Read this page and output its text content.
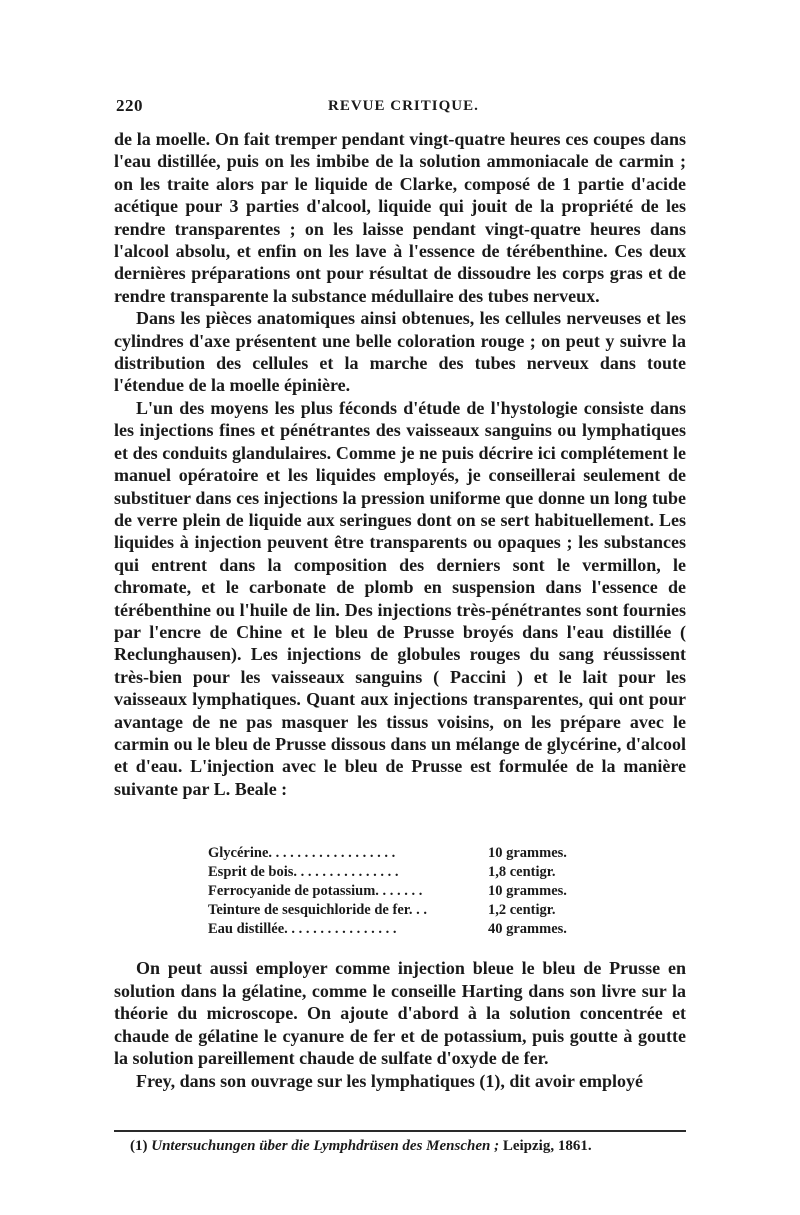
220	REVUE CRITIQUE.

de la moelle. On fait tremper pendant vingt-quatre heures ces coupes dans l'eau distillée, puis on les imbibe de la solution ammoniacale de carmin ; on les traite alors par le liquide de Clarke, composé de 1 partie d'acide acétique pour 3 parties d'alcool, liquide qui jouit de la propriété de les rendre transparentes ; on les laisse pendant vingt-quatre heures dans l'alcool absolu, et enfin on les lave à l'essence de térébenthine. Ces deux dernières préparations ont pour résultat de dissoudre les corps gras et de rendre transparente la substance médullaire des tubes nerveux.

Dans les pièces anatomiques ainsi obtenues, les cellules nerveuses et les cylindres d'axe présentent une belle coloration rouge ; on peut y suivre la distribution des cellules et la marche des tubes nerveux dans toute l'étendue de la moelle épinière.

L'un des moyens les plus féconds d'étude de l'hystologie consiste dans les injections fines et pénétrantes des vaisseaux sanguins ou lymphatiques et des conduits glandulaires. Comme je ne puis décrire ici complétement le manuel opératoire et les liquides employés, je conseillerai seulement de substituer dans ces injections la pression uniforme que donne un long tube de verre plein de liquide aux seringues dont on se sert habituellement. Les liquides à injection peuvent être transparents ou opaques ; les substances qui entrent dans la composition des derniers sont le vermillon, le chromate, et le carbonate de plomb en suspension dans l'essence de térébenthine ou l'huile de lin. Des injections très-pénétrantes sont fournies par l'encre de Chine et le bleu de Prusse broyés dans l'eau distillée ( Reclunghausen). Les injections de globules rouges du sang réussissent très-bien pour les vaisseaux sanguins ( Paccini ) et le lait pour les vaisseaux lymphatiques. Quant aux injections transparentes, qui ont pour avantage de ne pas masquer les tissus voisins, on les prépare avec le carmin ou le bleu de Prusse dissous dans un mélange de glycérine, d'alcool et d'eau. L'injection avec le bleu de Prusse est formulée de la manière suivante par L. Beale :

Glycérine. . . . . . . . . . . . . . . . . .	10 grammes.
Esprit de bois. . . . . . . . . . . . . . .	1,8 centigr.
Ferrocyanide de potassium. . . . . . .	10 grammes.
Teinture de sesquichloride de fer. . .	1,2 centigr.
Eau distillée. . . . . . . . . . . . . . . .	40 grammes.

On peut aussi employer comme injection bleue le bleu de Prusse en solution dans la gélatine, comme le conseille Harting dans son livre sur la théorie du microscope. On ajoute d'abord à la solution concentrée et chaude de gélatine le cyanure de fer et de potassium, puis goutte à goutte la solution pareillement chaude de sulfate d'oxyde de fer.

Frey, dans son ouvrage sur les lymphatiques (1), dit avoir employé

(1) Untersuchungen über die Lymphdrüsen des Menschen ; Leipzig, 1861.
